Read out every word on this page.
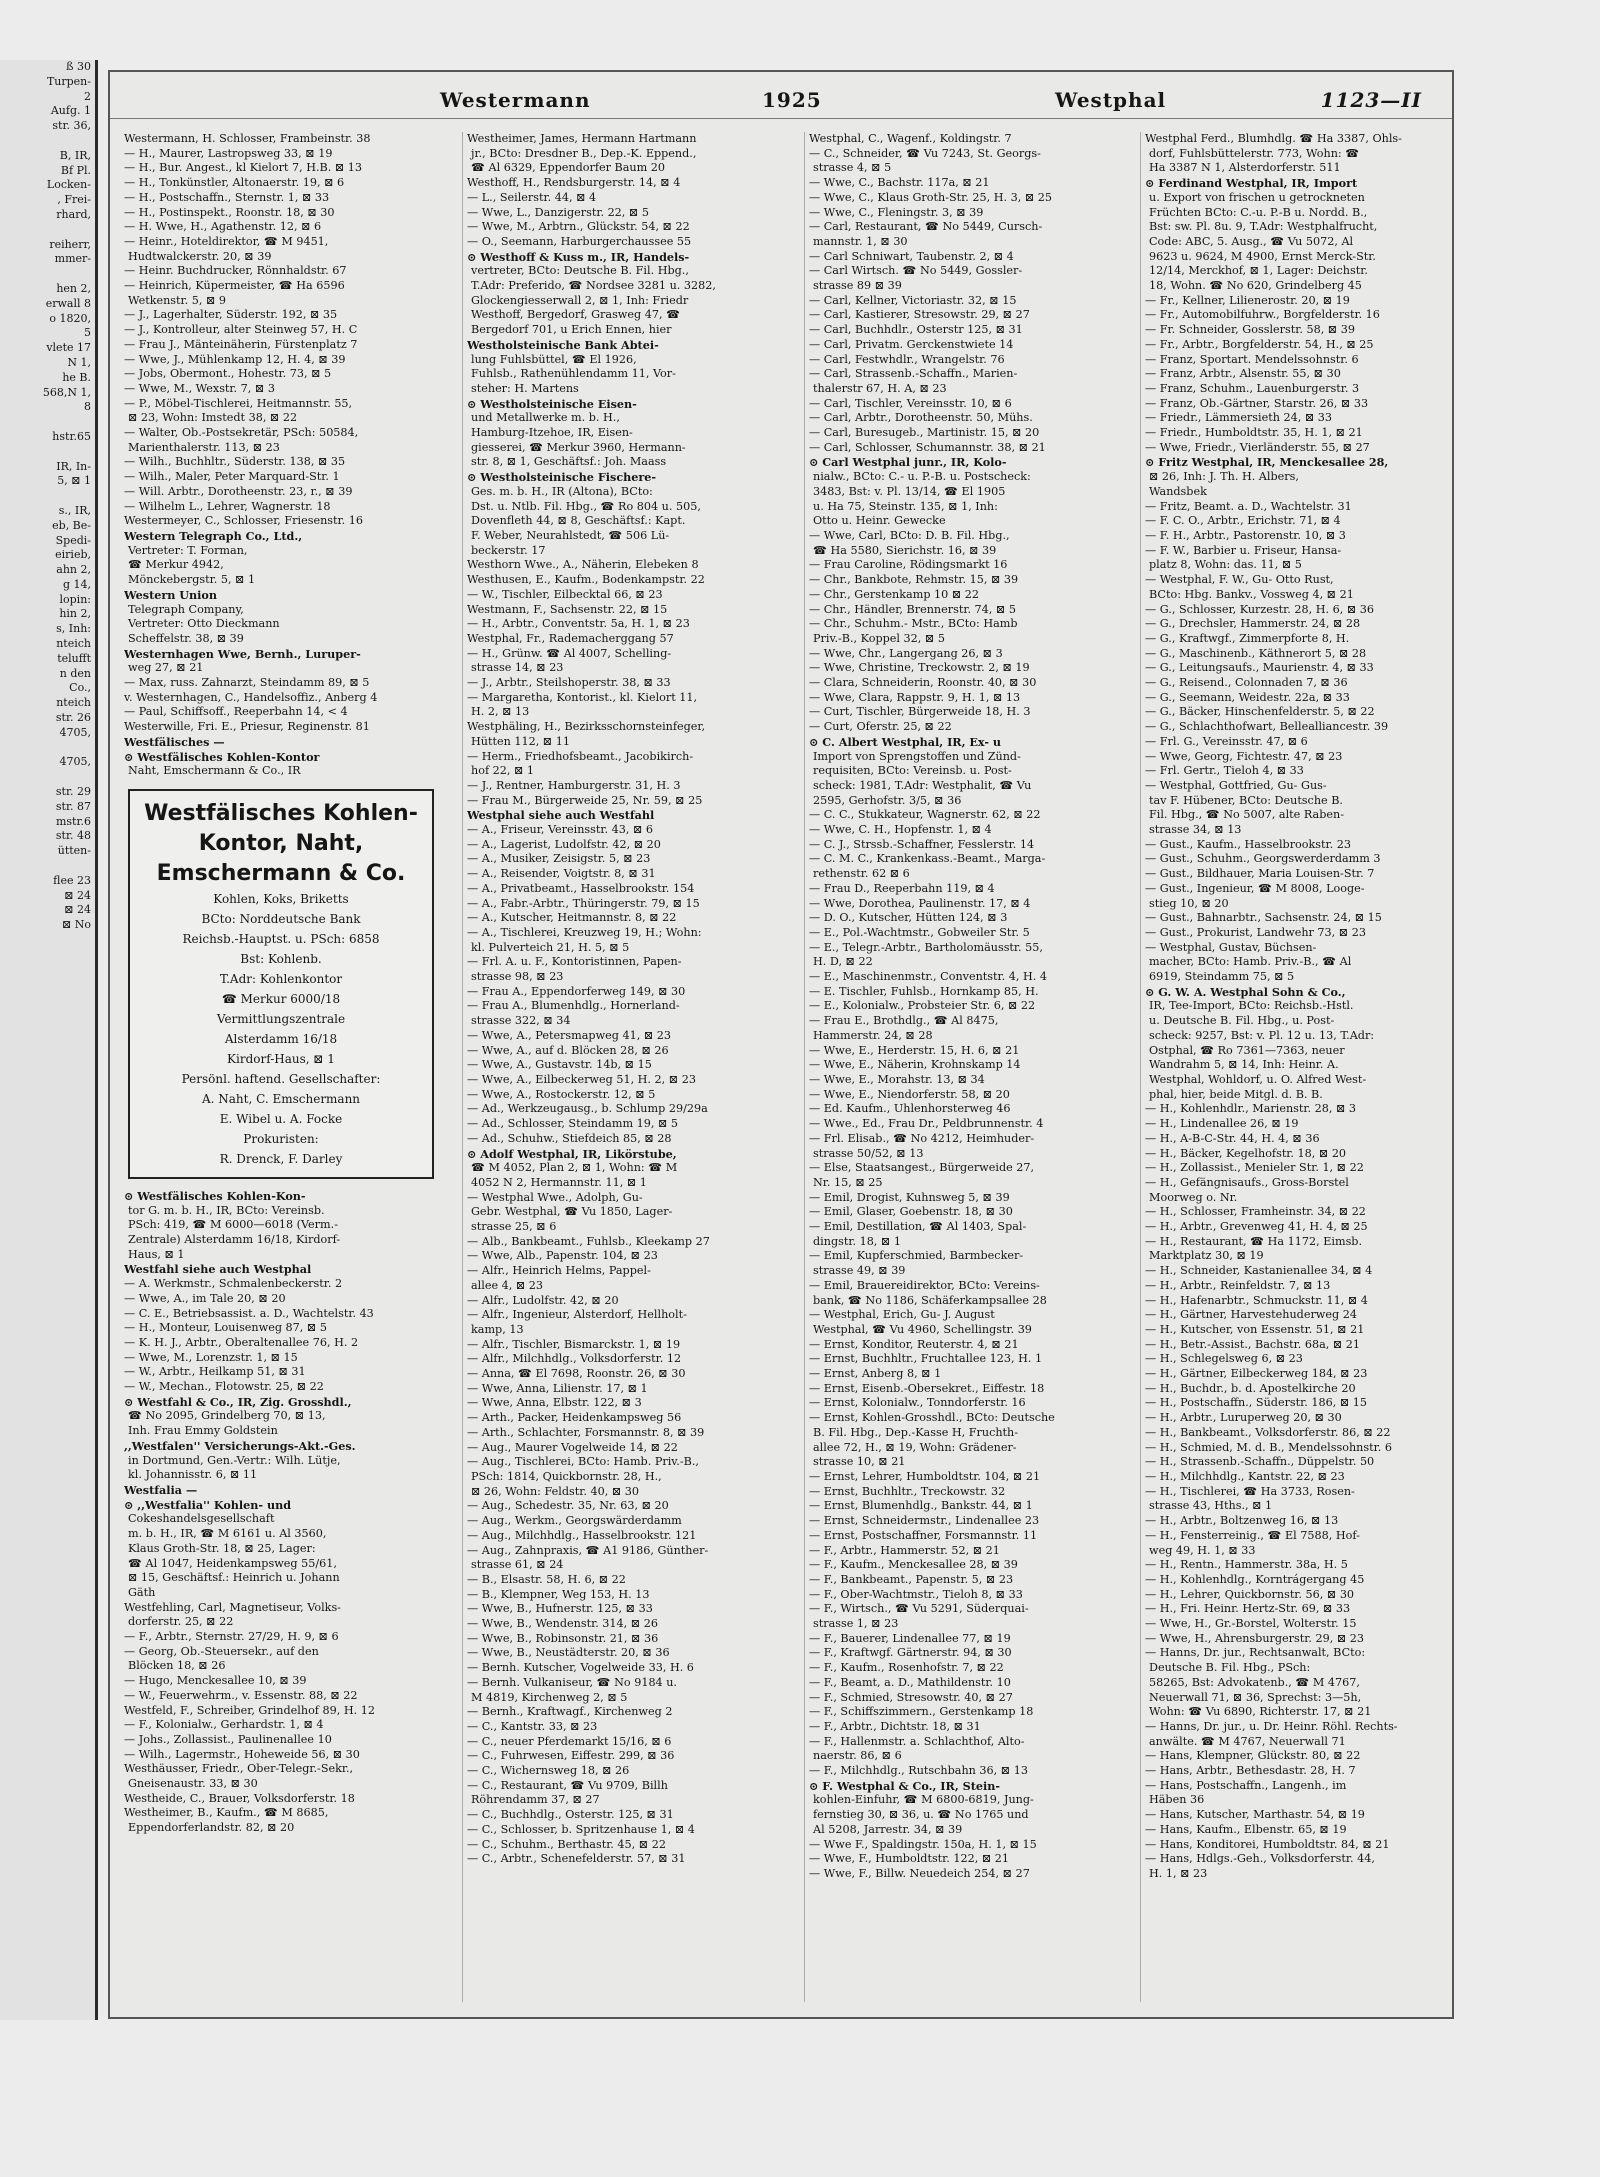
ß 30
Turpen-
2
Aufg. 1
str. 36,

B, IR,
Bf Pl.
Locken-
, Frei-
rhard,

reiherr,
mmer-

hen 2,
erwall 8
o 1820,
5
vlete 17
N 1,
he B.
568,N 1,
8

hstr.65

IR, In-
5, ⊠ 1

s., IR,
eb, Be-
Spedi-
eirieb,
ahn 2,
g 14,
lopin:
hin 2,
s, Inh:
nteich
telufft
n den
Co.,
nteich
str. 26
4705,

4705,

str. 29
str. 87
mstr.6
str. 48
ütten-

flee 23
⊠ 24
⊠ 24
⊠ No
Westermann	1925	Westphal	1123—II
Westermann, H. Schlosser, Frambeinstr. 38
— H., Maurer, Lastropsweg 33, ⊠ 19
— H., Bur. Angest., kl Kielort 7, H.B. ⊠ 13
— H., Tonkünstler, Altonaerstr. 19, ⊠ 6
— H., Postschaffn., Sternstr. 1, ⊠ 33
— H., Postinspekt., Roonstr. 18, ⊠ 30
— H. Wwe, H., Agathenstr. 12, ⊠ 6
— Heinr., Hoteldirektor, ☎ M 9451,
Hudtwalckerstr. 20, ⊠ 39
— Heinr. Buchdrucker, Rönnhaldstr. 67
— Heinrich, Küpermeister, ☎ Ha 6596
Wetkenstr. 5, ⊠ 9
— J., Lagerhalter, Süderstr. 192, ⊠ 35
— J., Kontrolleur, alter Steinweg 57, H. C
— Frau J., Mänteinäherin, Fürstenplatz 7
— Wwe, J., Mühlenkamp 12, H. 4, ⊠ 39
— Jobs, Obermont., Hohestr. 73, ⊠ 5
— Wwe, M., Wexstr. 7, ⊠ 3
— P., Möbel-Tischlerei, Heitmannstr. 55,
⊠ 23, Wohn: Imstedt 38, ⊠ 22
— Walter, Ob.-Postsekretär, PSch: 50584,
Marienthalerstr. 113, ⊠ 23
— Wilh., Buchhltr., Süderstr. 138, ⊠ 35
— Wilh., Maler, Peter Marquard-Str. 1
— Will. Arbtr., Dorotheenstr. 23, r., ⊠ 39
— Wilhelm L., Lehrer, Wagnerstr. 18
Westermeyer, C., Schlosser, Friesenstr. 16
Western Telegraph Co., Ltd.,
Vertreter: T. Forman,
☎ Merkur 4942,
Mönckebergstr. 5, ⊠ 1
Western Union
Telegraph Company,
Vertreter: Otto Dieckmann
Scheffelstr. 38, ⊠ 39
Westernhagen Wwe, Bernh., Luruper-
weg 27, ⊠ 21
— Max, russ. Zahnarzt, Steindamm 89, ⊠ 5
v. Westernhagen, C., Handelsoffiz., Anberg 4
— Paul, Schiffsoff., Reeperbahn 14, < 4
Westerwille, Fri. E., Priesur, Reginenstr. 81
Westfälisches —
⊙ Westfälisches Kohlen-Kontor
Naht, Emschermann & Co., IR
Westfälisches Kohlen-
Kontor, Naht,
Emschermann & Co.
Kohlen, Koks, Briketts
BCto: Norddeutsche Bank
Reichsb.-Hauptst. u. PSch: 6858
Bst: Kohlenb.
T.Adr: Kohlenkontor
☎ Merkur 6000/18
Vermittlungszentrale
Alsterdamm 16/18
Kirdorf-Haus, ⊠ 1
Persönl. haftend. Gesellschafter:
A. Naht, C. Emschermann
E. Wibel u. A. Focke
Prokuristen:
R. Drenck, F. Darley
⊙ Westfälisches Kohlen-Kon-
tor G. m. b. H., IR, BCto: Vereinsb.
PSch: 419, ☎ M 6000—6018 (Verm.-
Zentrale) Alsterdamm 16/18, Kirdorf-
Haus, ⊠ 1
Westfahl siehe auch Westphal
— A. Werkmstr., Schmalenbeckerstr. 2
— Wwe, A., im Tale 20, ⊠ 20
— C. E., Betriebsassist. a. D., Wachtelstr. 43
— H., Monteur, Louisenweg 87, ⊠ 5
— K. H. J., Arbtr., Oberaltenallee 76, H. 2
— Wwe, M., Lorenzstr. 1, ⊠ 15
— W., Arbtr., Heilkamp 51, ⊠ 31
— W., Mechan., Flotowstr. 25, ⊠ 22
⊙ Westfahl & Co., IR, Zig. Grosshdl.,
☎ No 2095, Grindelberg 70, ⊠ 13,
Inh. Frau Emmy Goldstein
,,Westfalen'' Versicherungs-Akt.-Ges.
in Dortmund, Gen.-Vertr.: Wilh. Lütje,
kl. Johannisstr. 6, ⊠ 11
Westfalia —
⊙ ,,Westfalia'' Kohlen- und
Cokeshandelsgesellschaft
m. b. H., IR, ☎ M 6161 u. Al 3560,
Klaus Groth-Str. 18, ⊠ 25, Lager:
☎ Al 1047, Heidenkampsweg 55/61,
⊠ 15, Geschäftsf.: Heinrich u. Johann
Gäth
Westfehling, Carl, Magnetiseur, Volks-
dorferstr. 25, ⊠ 22
— F., Arbtr., Sternstr. 27/29, H. 9, ⊠ 6
— Georg, Ob.-Steuersekr., auf den
Blöcken 18, ⊠ 26
— Hugo, Menckesallee 10, ⊠ 39
— W., Feuerwehrm., v. Essenstr. 88, ⊠ 22
Westfeld, F., Schreiber, Grindelhof 89, H. 12
— F., Kolonialw., Gerhardstr. 1, ⊠ 4
— Johs., Zollassist., Paulinenallee 10
— Wilh., Lagermstr., Hoheweide 56, ⊠ 30
Westhäusser, Friedr., Ober-Telegr.-Sekr.,
Gneisenaustr. 33, ⊠ 30
Westheide, C., Brauer, Volksdorferstr. 18
Westheimer, B., Kaufm., ☎ M 8685,
Eppendorferlandstr. 82, ⊠ 20
Westheimer, James, Hermann Hartmann
jr., BCto: Dresdner B., Dep.-K. Eppend.,
☎ Al 6329, Eppendorfer Baum 20
Westhoff, H., Rendsburgerstr. 14, ⊠ 4
— L., Seilerstr. 44, ⊠ 4
— Wwe, L., Danzigerstr. 22, ⊠ 5
— Wwe, M., Arbtrn., Glückstr. 54, ⊠ 22
— O., Seemann, Harburgerchaussee 55
⊙ Westhoff & Kuss m., IR, Handels-
vertreter, BCto: Deutsche B. Fil. Hbg.,
T.Adr: Preferido, ☎ Nordsee 3281 u. 3282,
Glockengiesserwall 2, ⊠ 1, Inh: Friedr
Westhoff, Bergedorf, Grasweg 47, ☎
Bergedorf 701, u Erich Ennen, hier
Westholsteinische Bank Abtei-
lung Fuhlsbüttel, ☎ El 1926,
Fuhlsb., Rathenühlendamm 11, Vor-
steher: H. Martens
⊙ Westholsteinische Eisen-
und Metallwerke m. b. H.,
Hamburg-Itzehoe, IR, Eisen-
giesserei, ☎ Merkur 3960, Hermann-
str. 8, ⊠ 1, Geschäftsf.: Joh. Maass
⊙ Westholsteinische Fischere-
Ges. m. b. H., IR (Altona), BCto:
Dst. u. Ntlb. Fil. Hbg., ☎ Ro 804 u. 505,
Dovenfleth 44, ⊠ 8, Geschäftsf.: Kapt.
F. Weber, Neurahlstedt, ☎ 506 Lü-
beckerstr. 17
Westhorn Wwe., A., Näherin, Elebeken 8
Westhusen, E., Kaufm., Bodenkampstr. 22
— W., Tischler, Eilbecktal 66, ⊠ 23
Westmann, F., Sachsenstr. 22, ⊠ 15
— H., Arbtr., Conventstr. 5a, H. 1, ⊠ 23
Westphal, Fr., Rademacherggang 57
— H., Grünw. ☎ Al 4007, Schelling-
strasse 14, ⊠ 23
— J., Arbtr., Steilshoperstr. 38, ⊠ 33
— Margaretha, Kontorist., kl. Kielort 11,
H. 2, ⊠ 13
Westphäling, H., Bezirksschornsteinfeger,
Hütten 112, ⊠ 11
— Herm., Friedhofsbeamt., Jacobikirch-
hof 22, ⊠ 1
— J., Rentner, Hamburgerstr. 31, H. 3
— Frau M., Bürgerweide 25, Nr. 59, ⊠ 25
Westphal siehe auch Westfahl
— A., Friseur, Vereinsstr. 43, ⊠ 6
— A., Lagerist, Ludolfstr. 42, ⊠ 20
— A., Musiker, Zeisigstr. 5, ⊠ 23
— A., Reisender, Voigtstr. 8, ⊠ 31
— A., Privatbeamt., Hasselbrookstr. 154
— A., Fabr.-Arbtr., Thüringerstr. 79, ⊠ 15
— A., Kutscher, Heitmannstr. 8, ⊠ 22
— A., Tischlerei, Kreuzweg 19, H.; Wohn:
kl. Pulverteich 21, H. 5, ⊠ 5
— Frl. A. u. F., Kontoristinnen, Papen-
strasse 98, ⊠ 23
— Frau A., Eppendorferweg 149, ⊠ 30
— Frau A., Blumenhdlg., Hornerland-
strasse 322, ⊠ 34
— Wwe, A., Petersmapweg 41, ⊠ 23
— Wwe, A., auf d. Blöcken 28, ⊠ 26
— Wwe, A., Gustavstr. 14b, ⊠ 15
— Wwe, A., Eilbeckerweg 51, H. 2, ⊠ 23
— Wwe, A., Rostockerstr. 12, ⊠ 5
— Ad., Werkzeugausg., b. Schlump 29/29a
— Ad., Schlosser, Steindamm 19, ⊠ 5
— Ad., Schuhw., Stiefdeich 85, ⊠ 28
⊙ Adolf Westphal, IR, Likörstube,
☎ M 4052, Plan 2, ⊠ 1, Wohn: ☎ M
4052 N 2, Hermannstr. 11, ⊠ 1
— Westphal Wwe., Adolph, Gu-
Gebr. Westphal, ☎ Vu 1850, Lager-
strasse 25, ⊠ 6
— Alb., Bankbeamt., Fuhlsb., Kleekamp 27
— Wwe, Alb., Papenstr. 104, ⊠ 23
— Alfr., Heinrich Helms, Pappel-
allee 4, ⊠ 23
— Alfr., Ludolfstr. 42, ⊠ 20
— Alfr., Ingenieur, Alsterdorf, Hellholt-
kamp, 13
— Alfr., Tischler, Bismarckstr. 1, ⊠ 19
— Alfr., Milchhdlg., Volksdorferstr. 12
— Anna, ☎ El 7698, Roonstr. 26, ⊠ 30
— Wwe, Anna, Lilienstr. 17, ⊠ 1
— Wwe, Anna, Elbstr. 122, ⊠ 3
— Arth., Packer, Heidenkampsweg 56
— Arth., Schlachter, Forsmannstr. 8, ⊠ 39
— Aug., Maurer Vogelweide 14, ⊠ 22
— Aug., Tischlerei, BCto: Hamb. Priv.-B.,
PSch: 1814, Quickbornstr. 28, H.,
⊠ 26, Wohn: Feldstr. 40, ⊠ 30
— Aug., Schedestr. 35, Nr. 63, ⊠ 20
— Aug., Werkm., Georgswärderdamm
— Aug., Milchhdlg., Hasselbrookstr. 121
— Aug., Zahnpraxis, ☎ A1 9186, Günther-
strasse 61, ⊠ 24
— B., Elsastr. 58, H. 6, ⊠ 22
— B., Klempner, Weg 153, H. 13
— Wwe, B., Hufnerstr. 125, ⊠ 33
— Wwe, B., Wendenstr. 314, ⊠ 26
— Wwe, B., Robinsonstr. 21, ⊠ 36
— Wwe, B., Neustädterstr. 20, ⊠ 36
— Bernh. Kutscher, Vogelweide 33, H. 6
— Bernh. Vulkaniseur, ☎ No 9184 u.
M 4819, Kirchenweg 2, ⊠ 5
— Bernh., Kraftwagf., Kirchenweg 2
— C., Kantstr. 33, ⊠ 23
— C., neuer Pferdemarkt 15/16, ⊠ 6
— C., Fuhrwesen, Eiffestr. 299, ⊠ 36
— C., Wichernsweg 18, ⊠ 26
— C., Restaurant, ☎ Vu 9709, Billh
Röhrendamm 37, ⊠ 27
— C., Buchhdlg., Osterstr. 125, ⊠ 31
— C., Schlosser, b. Spritzenhause 1, ⊠ 4
— C., Schuhm., Berthastr. 45, ⊠ 22
— C., Arbtr., Schenefelderstr. 57, ⊠ 31
Westphal, C., Wagenf., Koldingstr. 7
— C., Schneider, ☎ Vu 7243, St. Georgs-
strasse 4, ⊠ 5
— Wwe, C., Bachstr. 117a, ⊠ 21
— Wwe, C., Klaus Groth-Str. 25, H. 3, ⊠ 25
— Wwe, C., Fleningstr. 3, ⊠ 39
— Carl, Restaurant, ☎ No 5449, Cursch-
mannstr. 1, ⊠ 30
— Carl Schniwart, Taubenstr. 2, ⊠ 4
— Carl Wirtsch. ☎ No 5449, Gossler-
strasse 89 ⊠ 39
— Carl, Kellner, Victoriastr. 32, ⊠ 15
— Carl, Kastierer, Stresowstr. 29, ⊠ 27
— Carl, Buchhdlr., Osterstr 125, ⊠ 31
— Carl, Privatm. Gerckenstwiete 14
— Carl, Festwhdlr., Wrangelstr. 76
— Carl, Strassenb.-Schaffn., Marien-
thalerstr 67, H. A, ⊠ 23
— Carl, Tischler, Vereinsstr. 10, ⊠ 6
— Carl, Arbtr., Dorotheenstr. 50, Mühs.
— Carl, Buresugeb., Martinistr. 15, ⊠ 20
— Carl, Schlosser, Schumannstr. 38, ⊠ 21
⊙ Carl Westphal junr., IR, Kolo-
nialw., BCto: C.- u. P.-B. u. Postscheck:
3483, Bst: v. Pl. 13/14, ☎ El 1905
u. Ha 75, Steinstr. 135, ⊠ 1, Inh:
Otto u. Heinr. Gewecke
— Wwe, Carl, BCto: D. B. Fil. Hbg.,
☎ Ha 5580, Sierichstr. 16, ⊠ 39
— Frau Caroline, Rödingsmarkt 16
— Chr., Bankbote, Rehmstr. 15, ⊠ 39
— Chr., Gerstenkamp 10 ⊠ 22
— Chr., Händler, Brennerstr. 74, ⊠ 5
— Chr., Schuhm.- Mstr., BCto: Hamb
Priv.-B., Koppel 32, ⊠ 5
— Wwe, Chr., Langergang 26, ⊠ 3
— Wwe, Christine, Treckowstr. 2, ⊠ 19
— Clara, Schneiderin, Roonstr. 40, ⊠ 30
— Wwe, Clara, Rappstr. 9, H. 1, ⊠ 13
— Curt, Tischler, Bürgerweide 18, H. 3
— Curt, Oferstr. 25, ⊠ 22
⊙ C. Albert Westphal, IR, Ex- u
Import von Sprengstoffen und Zünd-
requisiten, BCto: Vereinsb. u. Post-
scheck: 1981, T.Adr: Westphalit, ☎ Vu
2595, Gerhofstr. 3/5, ⊠ 36
— C. C., Stukkateur, Wagnerstr. 62, ⊠ 22
— Wwe, C. H., Hopfenstr. 1, ⊠ 4
— C. J., Strssb.-Schaffner, Fesslerstr. 14
— C. M. C., Krankenkass.-Beamt., Marga-
rethenstr. 62 ⊠ 6
— Frau D., Reeperbahn 119, ⊠ 4
— Wwe, Dorothea, Paulinenstr. 17, ⊠ 4
— D. O., Kutscher, Hütten 124, ⊠ 3
— E., Pol.-Wachtmstr., Gobweiler Str. 5
— E., Telegr.-Arbtr., Bartholomäusstr. 55,
H. D, ⊠ 22
— E., Maschinenmstr., Conventstr. 4, H. 4
— E. Tischler, Fuhlsb., Hornkamp 85, H.
— E., Kolonialw., Probsteier Str. 6, ⊠ 22
— Frau E., Brothdlg., ☎ Al 8475,
Hammerstr. 24, ⊠ 28
— Wwe, E., Herderstr. 15, H. 6, ⊠ 21
— Wwe, E., Näherin, Krohnskamp 14
— Wwe, E., Morahstr. 13, ⊠ 34
— Wwe, E., Niendorferstr. 58, ⊠ 20
— Ed. Kaufm., Uhlenhorsterweg 46
— Wwe., Ed., Frau Dr., Peldbrunnenstr. 4
— Frl. Elisab., ☎ No 4212, Heimhuder-
strasse 50/52, ⊠ 13
— Else, Staatsangest., Bürgerweide 27,
Nr. 15, ⊠ 25
— Emil, Drogist, Kuhnsweg 5, ⊠ 39
— Emil, Glaser, Goebenstr. 18, ⊠ 30
— Emil, Destillation, ☎ Al 1403, Spal-
dingstr. 18, ⊠ 1
— Emil, Kupferschmied, Barmbecker-
strasse 49, ⊠ 39
— Emil, Brauereidirektor, BCto: Vereins-
bank, ☎ No 1186, Schäferkampsallee 28
— Westphal, Erich, Gu- J. August
Westphal, ☎ Vu 4960, Schellingstr. 39
— Ernst, Konditor, Reuterstr. 4, ⊠ 21
— Ernst, Buchhltr., Fruchtallee 123, H. 1
— Ernst, Anberg 8, ⊠ 1
— Ernst, Eisenb.-Obersekret., Eiffestr. 18
— Ernst, Kolonialw., Tonndorferstr. 16
— Ernst, Kohlen-Grosshdl., BCto: Deutsche
B. Fil. Hbg., Dep.-Kasse H, Fruchth-
allee 72, H., ⊠ 19, Wohn: Grädener-
strasse 10, ⊠ 21
— Ernst, Lehrer, Humboldtstr. 104, ⊠ 21
— Ernst, Buchhltr., Treckowstr. 32
— Ernst, Blumenhdlg., Bankstr. 44, ⊠ 1
— Ernst, Schneidermstr., Lindenallee 23
— Ernst, Postschaffner, Forsmannstr. 11
— F., Arbtr., Hammerstr. 52, ⊠ 21
— F., Kaufm., Menckesallee 28, ⊠ 39
— F., Bankbeamt., Papenstr. 5, ⊠ 23
— F., Ober-Wachtmstr., Tieloh 8, ⊠ 33
— F., Wirtsch., ☎ Vu 5291, Süderquai-
strasse 1, ⊠ 23
— F., Bauerer, Lindenallee 77, ⊠ 19
— F., Kraftwgf. Gärtnerstr. 94, ⊠ 30
— F., Kaufm., Rosenhofstr. 7, ⊠ 22
— F., Beamt, a. D., Mathildenstr. 10
— F., Schmied, Stresowstr. 40, ⊠ 27
— F., Schiffszimmern., Gerstenkamp 18
— F., Arbtr., Dichtstr. 18, ⊠ 31
— F., Hallenmstr. a. Schlachthof, Alto-
naerstr. 86, ⊠ 6
— F., Milchhdlg., Rutschbahn 36, ⊠ 13
⊙ F. Westphal & Co., IR, Stein-
kohlen-Einfuhr, ☎ M 6800-6819, Jung-
fernstieg 30, ⊠ 36, u. ☎ No 1765 und
Al 5208, Jarrestr. 34, ⊠ 39
— Wwe F., Spaldingstr. 150a, H. 1, ⊠ 15
— Wwe, F., Humboldtstr. 122, ⊠ 21
— Wwe, F., Billw. Neuedeich 254, ⊠ 27
Westphal Ferd., Blumhdlg. ☎ Ha 3387, Ohls-
dorf, Fuhlsbüttelerstr. 773, Wohn: ☎
Ha 3387 N 1, Alsterdorferstr. 511
⊙ Ferdinand Westphal, IR, Import
u. Export von frischen u getrockneten
Früchten BCto: C.-u. P.-B u. Nordd. B.,
Bst: sw. Pl. 8u. 9, T.Adr: Westphalfrucht,
Code: ABC, 5. Ausg., ☎ Vu 5072, Al
9623 u. 9624, M 4900, Ernst Merck-Str.
12/14, Merckhof, ⊠ 1, Lager: Deichstr.
18, Wohn. ☎ No 620, Grindelberg 45
— Fr., Kellner, Lilienerostr. 20, ⊠ 19
— Fr., Automobilfuhrw., Borgfelderstr. 16
— Fr. Schneider, Gosslerstr. 58, ⊠ 39
— Fr., Arbtr., Borgfelderstr. 54, H., ⊠ 25
— Franz, Sportart. Mendelssohnstr. 6
— Franz, Arbtr., Alsenstr. 55, ⊠ 30
— Franz, Schuhm., Lauenburgerstr. 3
— Franz, Ob.-Gärtner, Starstr. 26, ⊠ 33
— Friedr., Lämmersieth 24, ⊠ 33
— Friedr., Humboldtstr. 35, H. 1, ⊠ 21
— Wwe, Friedr., Vierländerstr. 55, ⊠ 27
⊙ Fritz Westphal, IR, Menckesallee 28,
⊠ 26, Inh: J. Th. H. Albers,
Wandsbek
— Fritz, Beamt. a. D., Wachtelstr. 31
— F. C. O., Arbtr., Erichstr. 71, ⊠ 4
— F. H., Arbtr., Pastorenstr. 10, ⊠ 3
— F. W., Barbier u. Friseur, Hansa-
platz 8, Wohn: das. 11, ⊠ 5
— Westphal, F. W., Gu- Otto Rust,
BCto: Hbg. Bankv., Vossweg 4, ⊠ 21
— G., Schlosser, Kurzestr. 28, H. 6, ⊠ 36
— G., Drechsler, Hammerstr. 24, ⊠ 28
— G., Kraftwgf., Zimmerpforte 8, H.
— G., Maschinenb., Käthnerort 5, ⊠ 28
— G., Leitungsaufs., Maurienstr. 4, ⊠ 33
— G., Reisend., Colonnaden 7, ⊠ 36
— G., Seemann, Weidestr. 22a, ⊠ 33
— G., Bäcker, Hinschenfelderstr. 5, ⊠ 22
— G., Schlachthofwart, Bellealliancestr. 39
— Frl. G., Vereinsstr. 47, ⊠ 6
— Wwe, Georg, Fichtestr. 47, ⊠ 23
— Frl. Gertr., Tieloh 4, ⊠ 33
— Westphal, Gottfried, Gu- Gus-
tav F. Hübener, BCto: Deutsche B.
Fil. Hbg., ☎ No 5007, alte Raben-
strasse 34, ⊠ 13
— Gust., Kaufm., Hasselbrookstr. 23
— Gust., Schuhm., Georgswerderdamm 3
— Gust., Bildhauer, Maria Louisen-Str. 7
— Gust., Ingenieur, ☎ M 8008, Looge-
stieg 10, ⊠ 20
— Gust., Bahnarbtr., Sachsenstr. 24, ⊠ 15
— Gust., Prokurist, Landwehr 73, ⊠ 23
— Westphal, Gustav, Büchsen-
macher, BCto: Hamb. Priv.-B., ☎ Al
6919, Steindamm 75, ⊠ 5
⊙ G. W. A. Westphal Sohn & Co.,
IR, Tee-Import, BCto: Reichsb.-Hstl.
u. Deutsche B. Fil. Hbg., u. Post-
scheck: 9257, Bst: v. Pl. 12 u. 13, T.Adr:
Ostphal, ☎ Ro 7361—7363, neuer
Wandrahm 5, ⊠ 14, Inh: Heinr. A.
Westphal, Wohldorf, u. O. Alfred West-
phal, hier, beide Mitgl. d. B. B.
— H., Kohlenhdlr., Marienstr. 28, ⊠ 3
— H., Lindenallee 26, ⊠ 19
— H., A-B-C-Str. 44, H. 4, ⊠ 36
— H., Bäcker, Kegelhofstr. 18, ⊠ 20
— H., Zollassist., Menieler Str. 1, ⊠ 22
— H., Gefängnisaufs., Gross-Borstel
Moorweg o. Nr.
— H., Schlosser, Framheinstr. 34, ⊠ 22
— H., Arbtr., Grevenweg 41, H. 4, ⊠ 25
— H., Restaurant, ☎ Ha 1172, Eimsb.
Marktplatz 30, ⊠ 19
— H., Schneider, Kastanienallee 34, ⊠ 4
— H., Arbtr., Reinfeldstr. 7, ⊠ 13
— H., Hafenarbtr., Schmuckstr. 11, ⊠ 4
— H., Gärtner, Harvestehuderweg 24
— H., Kutscher, von Essenstr. 51, ⊠ 21
— H., Betr.-Assist., Bachstr. 68a, ⊠ 21
— H., Schlegelsweg 6, ⊠ 23
— H., Gärtner, Eilbeckerweg 184, ⊠ 23
— H., Buchdr., b. d. Apostelkirche 20
— H., Postschaffn., Süderstr. 186, ⊠ 15
— H., Arbtr., Luruperweg 20, ⊠ 30
— H., Bankbeamt., Volksdorferstr. 86, ⊠ 22
— H., Schmied, M. d. B., Mendelssohnstr. 6
— H., Strassenb.-Schaffn., Düppelstr. 50
— H., Milchhdlg., Kantstr. 22, ⊠ 23
— H., Tischlerei, ☎ Ha 3733, Rosen-
strasse 43, Hths., ⊠ 1
— H., Arbtr., Boltzenweg 16, ⊠ 13
— H., Fensterreinig., ☎ El 7588, Hof-
weg 49, H. 1, ⊠ 33
— H., Rentn., Hammerstr. 38a, H. 5
— H., Kohlenhdlg., Korntrágergang 45
— H., Lehrer, Quickbornstr. 56, ⊠ 30
— H., Fri. Heinr. Hertz-Str. 69, ⊠ 33
— Wwe, H., Gr.-Borstel, Wolterstr. 15
— Wwe, H., Ahrensburgerstr. 29, ⊠ 23
— Hanns, Dr. jur., Rechtsanwalt, BCto:
Deutsche B. Fil. Hbg., PSch:
58265, Bst: Advokatenb., ☎ M 4767,
Neuerwall 71, ⊠ 36, Sprechst: 3—5h,
Wohn: ☎ Vu 6890, Richterstr. 17, ⊠ 21
— Hanns, Dr. jur., u. Dr. Heinr. Röhl. Rechts-
anwälte. ☎ M 4767, Neuerwall 71
— Hans, Klempner, Glückstr. 80, ⊠ 22
— Hans, Arbtr., Bethesdastr. 28, H. 7
— Hans, Postschaffn., Langenh., im
Häben 36
— Hans, Kutscher, Marthastr. 54, ⊠ 19
— Hans, Kaufm., Elbenstr. 65, ⊠ 19
— Hans, Konditorei, Humboldtstr. 84, ⊠ 21
— Hans, Hdlgs.-Geh., Volksdorferstr. 44,
H. 1, ⊠ 23
